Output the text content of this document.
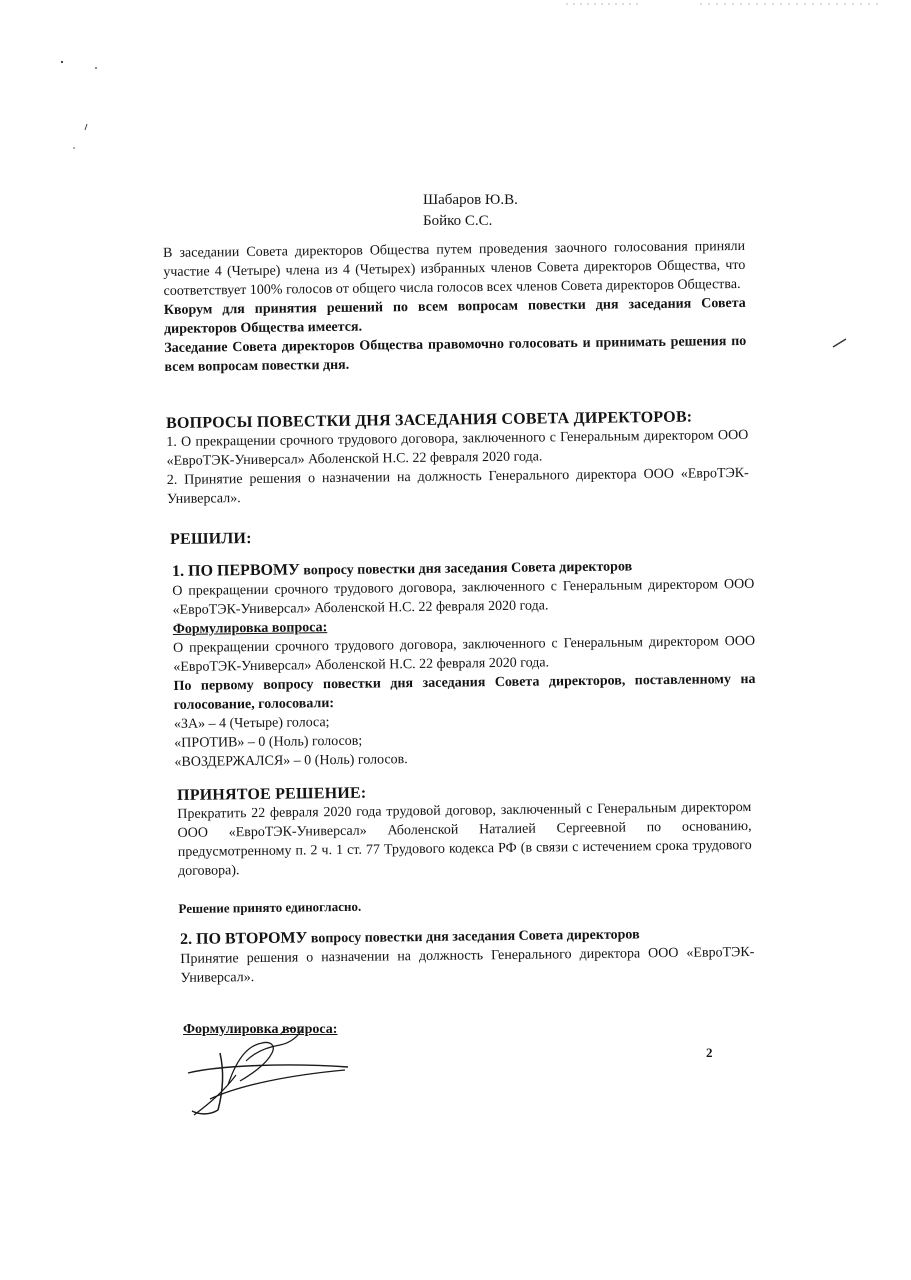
Шабаров Ю.В.
Бойко С.С.

В заседании Совета директоров Общества путем проведения заочного голосования приняли участие 4 (Четыре) члена из 4 (Четырех) избранных членов Совета директоров Общества, что соответствует 100% голосов от общего числа голосов всех членов Совета директоров Общества.

Кворум для принятия решений по всем вопросам повестки дня заседания Совета директоров Общества имеется.

Заседание Совета директоров Общества правомочно голосовать и принимать решения по всем вопросам повестки дня.

ВОПРОСЫ ПОВЕСТКИ ДНЯ ЗАСЕДАНИЯ СОВЕТА ДИРЕКТОРОВ:

1. О прекращении срочного трудового договора, заключенного с Генеральным директором ООО «ЕвроТЭК-Универсал» Аболенской Н.С. 22 февраля 2020 года.

2. Принятие решения о назначении на должность Генерального директора ООО «ЕвроТЭК-Универсал».

РЕШИЛИ:
1. ПО ПЕРВОМУ вопросу повестки дня заседания Совета директоров

О прекращении срочного трудового договора, заключенного с Генеральным директором ООО «ЕвроТЭК-Универсал» Аболенской Н.С. 22 февраля 2020 года.

Формулировка вопроса:

О прекращении срочного трудового договора, заключенного с Генеральным директором ООО «ЕвроТЭК-Универсал» Аболенской Н.С. 22 февраля 2020 года.

По первому вопросу повестки дня заседания Совета директоров, поставленному на голосование, голосовали:

«ЗА» – 4 (Четыре) голоса;
«ПРОТИВ» – 0 (Ноль) голосов;
«ВОЗДЕРЖАЛСЯ» – 0 (Ноль) голосов.
ПРИНЯТОЕ РЕШЕНИЕ:

Прекратить 22 февраля 2020 года трудовой договор, заключенный с Генеральным директором ООО «ЕвроТЭК-Универсал» Аболенской Наталией Сергеевной по основанию, предусмотренному п. 2 ч. 1 ст. 77 Трудового кодекса РФ (в связи с истечением срока трудового договора).

Решение принято единогласно.
2. ПО ВТОРОМУ вопросу повестки дня заседания Совета директоров

Принятие решения о назначении на должность Генерального директора ООО «ЕвроТЭК-Универсал».

Формулировка вопроса:
2
